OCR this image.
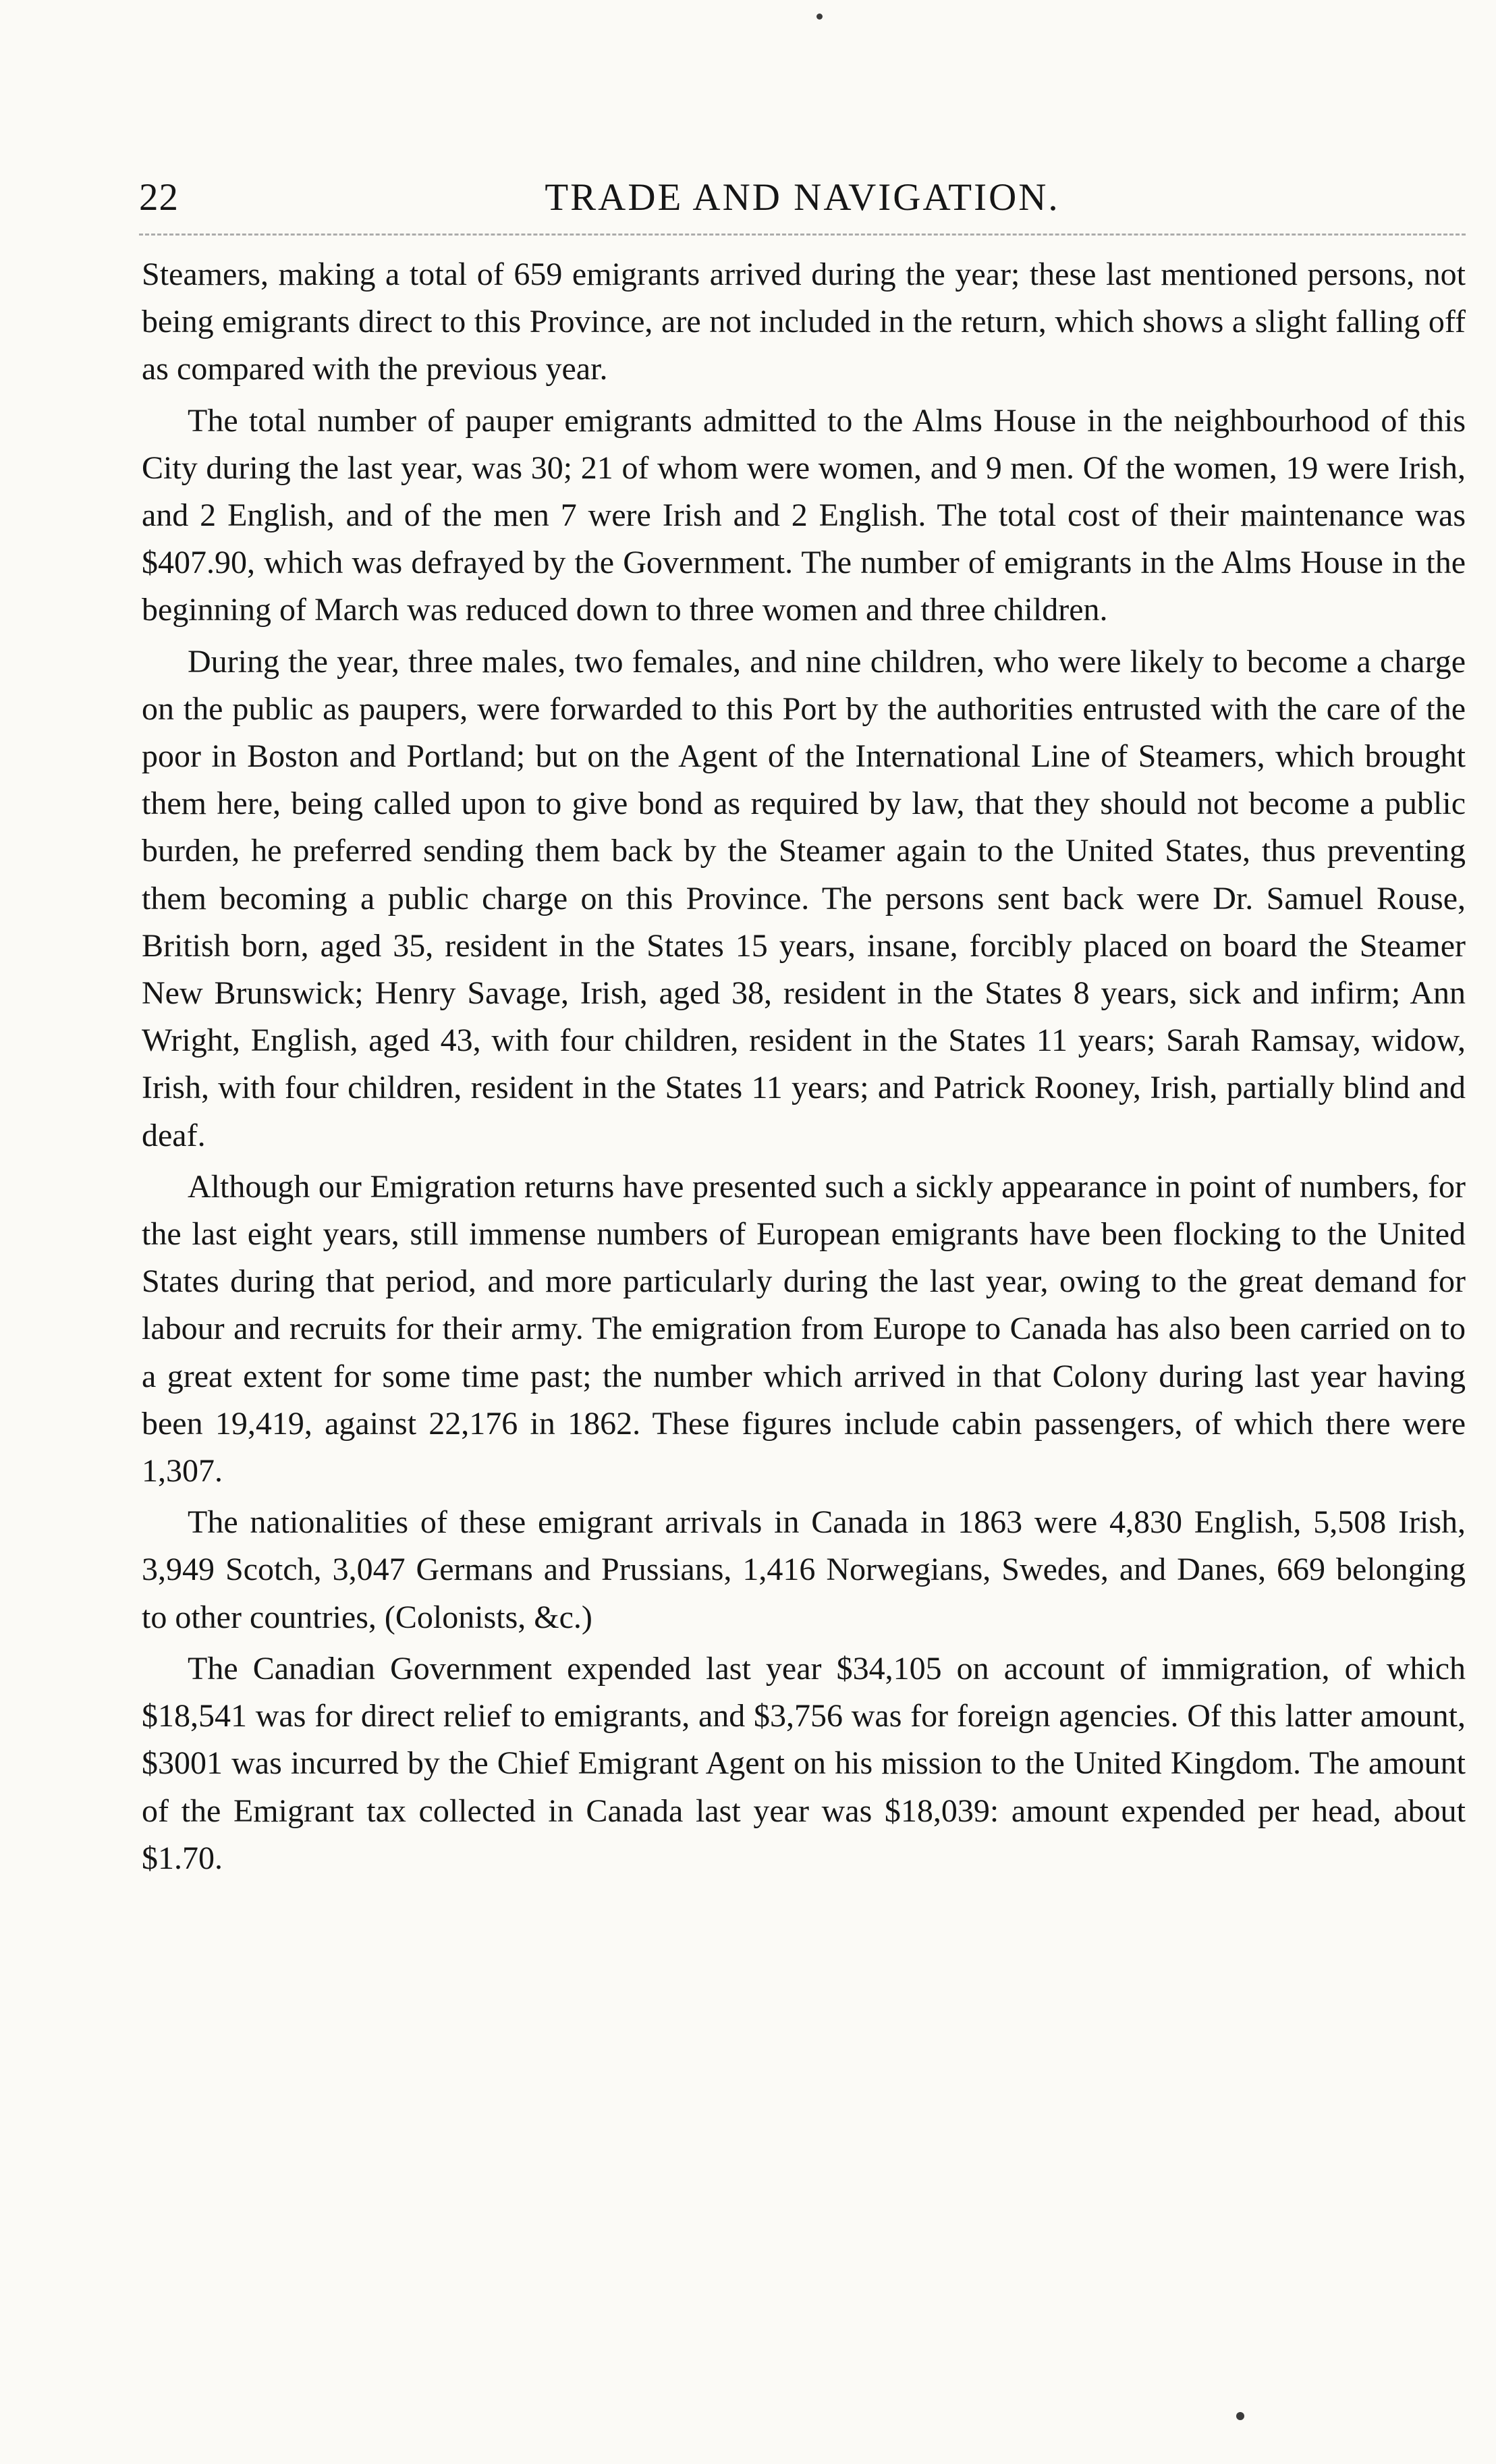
22	TRADE AND NAVIGATION.

Steamers, making a total of 659 emigrants arrived during the year; these last mentioned persons, not being emigrants direct to this Province, are not included in the return, which shows a slight falling off as compared with the previous year.

The total number of pauper emigrants admitted to the Alms House in the neighbourhood of this City during the last year, was 30; 21 of whom were women, and 9 men. Of the women, 19 were Irish, and 2 English, and of the men 7 were Irish and 2 English. The total cost of their maintenance was $407.90, which was defrayed by the Government. The number of emigrants in the Alms House in the beginning of March was reduced down to three women and three children.

During the year, three males, two females, and nine children, who were likely to become a charge on the public as paupers, were forwarded to this Port by the authorities entrusted with the care of the poor in Boston and Portland; but on the Agent of the International Line of Steamers, which brought them here, being called upon to give bond as required by law, that they should not become a public burden, he preferred sending them back by the Steamer again to the United States, thus preventing them becoming a public charge on this Province. The persons sent back were Dr. Samuel Rouse, British born, aged 35, resident in the States 15 years, insane, forcibly placed on board the Steamer New Brunswick; Henry Savage, Irish, aged 38, resident in the States 8 years, sick and infirm; Ann Wright, English, aged 43, with four children, resident in the States 11 years; Sarah Ramsay, widow, Irish, with four children, resident in the States 11 years; and Patrick Rooney, Irish, partially blind and deaf.

Although our Emigration returns have presented such a sickly appearance in point of numbers, for the last eight years, still immense numbers of European emigrants have been flocking to the United States during that period, and more particularly during the last year, owing to the great demand for labour and recruits for their army. The emigration from Europe to Canada has also been carried on to a great extent for some time past; the number which arrived in that Colony during last year having been 19,419, against 22,176 in 1862. These figures include cabin passengers, of which there were 1,307.

The nationalities of these emigrant arrivals in Canada in 1863 were 4,830 English, 5,508 Irish, 3,949 Scotch, 3,047 Germans and Prussians, 1,416 Norwegians, Swedes, and Danes, 669 belonging to other countries, (Colonists, &c.)

The Canadian Government expended last year $34,105 on account of immigration, of which $18,541 was for direct relief to emigrants, and $3,756 was for foreign agencies. Of this latter amount, $3001 was incurred by the Chief Emigrant Agent on his mission to the United Kingdom. The amount of the Emigrant tax collected in Canada last year was $18,039: amount expended per head, about $1.70.
